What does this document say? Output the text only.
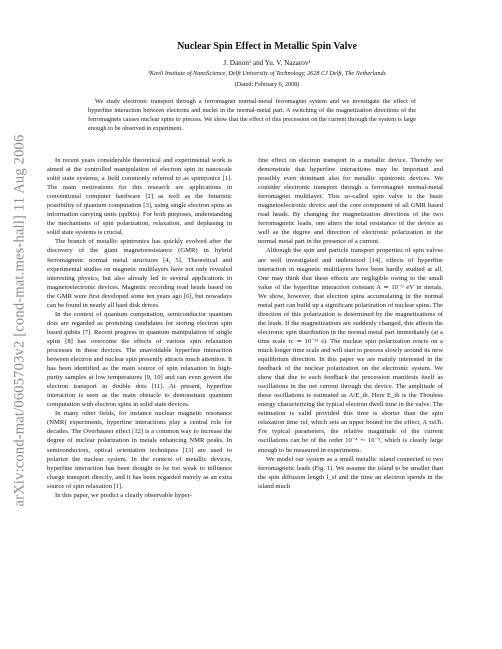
arXiv:cond-mat/0605703v2 [cond-mat.mes-hall] 11 Aug 2006
Nuclear Spin Effect in Metallic Spin Valve
J. Danon¹ and Yu. V. Nazarov¹
¹Kavli Institute of NanoScience, Delft University of Technology, 2628 CJ Delft, The Netherlands
(Dated: February 6, 2008)

We study electronic transport through a ferromagnet normal-metal ferromagnet system and we investigate the effect of hyperfine interaction between electrons and nuclei in the normal-metal part. A switching of the magnetization directions of the ferromagnets causes nuclear spins to precess. We show that the effect of this precession on the current through the system is large enough to be observed in experiment.

In recent years considerable theoretical and experimental work is aimed at the controlled manipulation of electron spin in nanoscale solid state systems, a field commonly referred to as spintronics [1]. The main motivations for this research are applications in conventional computer hardware [2] as well as the futuristic possibility of quantum computation [3], using single electron spins as information carrying units (qubits). For both purposes, understanding the mechanisms of spin polarization, relaxation, and dephasing in solid state systems is crucial.

The branch of metallic spintronics has quickly evolved after the discovery of the giant magnetoresistance (GMR) in hybrid ferromagnetic normal metal structures [4, 5]. Theoretical and experimental studies on magnetic multilayers have not only revealed interesting physics, but also already led to several applications in magnetoelectronic devices. Magnetic recording read heads based on the GMR were first developed some ten years ago [6], but nowadays can be found in nearly all hard disk drives.

In the context of quantum computation, semiconductor quantum dots are regarded as promising candidates for storing electron spin based qubits [7]. Recent progress in quantum manipulation of single spins [8] has overcome the effects of various spin relaxation processes in these devices. The unavoidable hyperfine interaction between electron and nuclear spin presently attracts much attention. It has been identified as the main source of spin relaxation in high-purity samples at low temperatures [9, 10] and can even govern the electron transport in double dots [11]. At present, hyperfine interaction is seen as the main obstacle to demonstrate quantum computation with electron spins in solid state devices.

In many other fields, for instance nuclear magnetic resonance (NMR) experiments, hyperfine interactions play a central role for decades. The Overhauser effect [12] is a common way to increase the degree of nuclear polarization in metals enhancing NMR peaks. In semiconductors, optical orientation techniques [13] are used to polarize the nuclear system. In the context of metallic devices, hyperfine interaction has been thought to be too weak to influence charge transport directly, and it has been regarded merely as an extra source of spin relaxation [1].

In this paper, we predict a clearly observable hyper-

fine effect on electron transport in a metallic device. Thereby we demonstrate that hyperfine interactions may be important and possibly even dominant also for metallic spintronic devices. We consider electronic transport through a ferromagnet normal-metal ferromagnet multilayer. This so-called spin valve is the basic magnetoelectronic device and the core component of all GMR based read heads. By changing the magnetization directions of the two ferromagnetic leads, one alters the total resistance of the device as well as the degree and direction of electronic polarization in the normal metal part in the presence of a current.

Although the spin and particle transport properties of spin valves are well investigated and understood [14], effects of hyperfine interaction in magnetic multilayers have been hardly studied at all. One may think that these effects are negligible owing to the small value of the hyperfine interaction constant A ≃ 10⁻⁶ eV in metals. We show, however, that electron spins accumulating in the normal metal part can build up a significant polarization of nuclear spins. The direction of this polarization is determined by the magnetizations of the leads. If the magnetizations are suddenly changed, this affects the electronic spin distribution in the normal metal part immediately (at a time scale τc ≃ 10⁻¹¹ s). The nuclear spin polarization reacts on a much longer time scale and will start to precess slowly around its new equilibrium direction. In this paper we are mainly interested in the feedback of the nuclear polarization on the electronic system. We show that due to such feedback the precession manifests itself as oscillations in the net current through the device. The amplitude of these oscillations is estimated as A/E_th. Here E_th is the Thouless energy characterizing the typical electron dwell time in the valve. The estimation is valid provided this time is shorter than the spin relaxation time τsf, which sets an upper bound for the effect, A τsf/ħ. For typical parameters, the relative magnitude of the current oscillations can be of the order 10⁻⁴ ∼ 10⁻⁵, which is clearly large enough to be measured in experiments.

We model our system as a small metallic island connected to two ferromagnetic leads (Fig. 1). We assume the island to be smaller than the spin diffusion length l_sf and the time an electron spends in the island much
